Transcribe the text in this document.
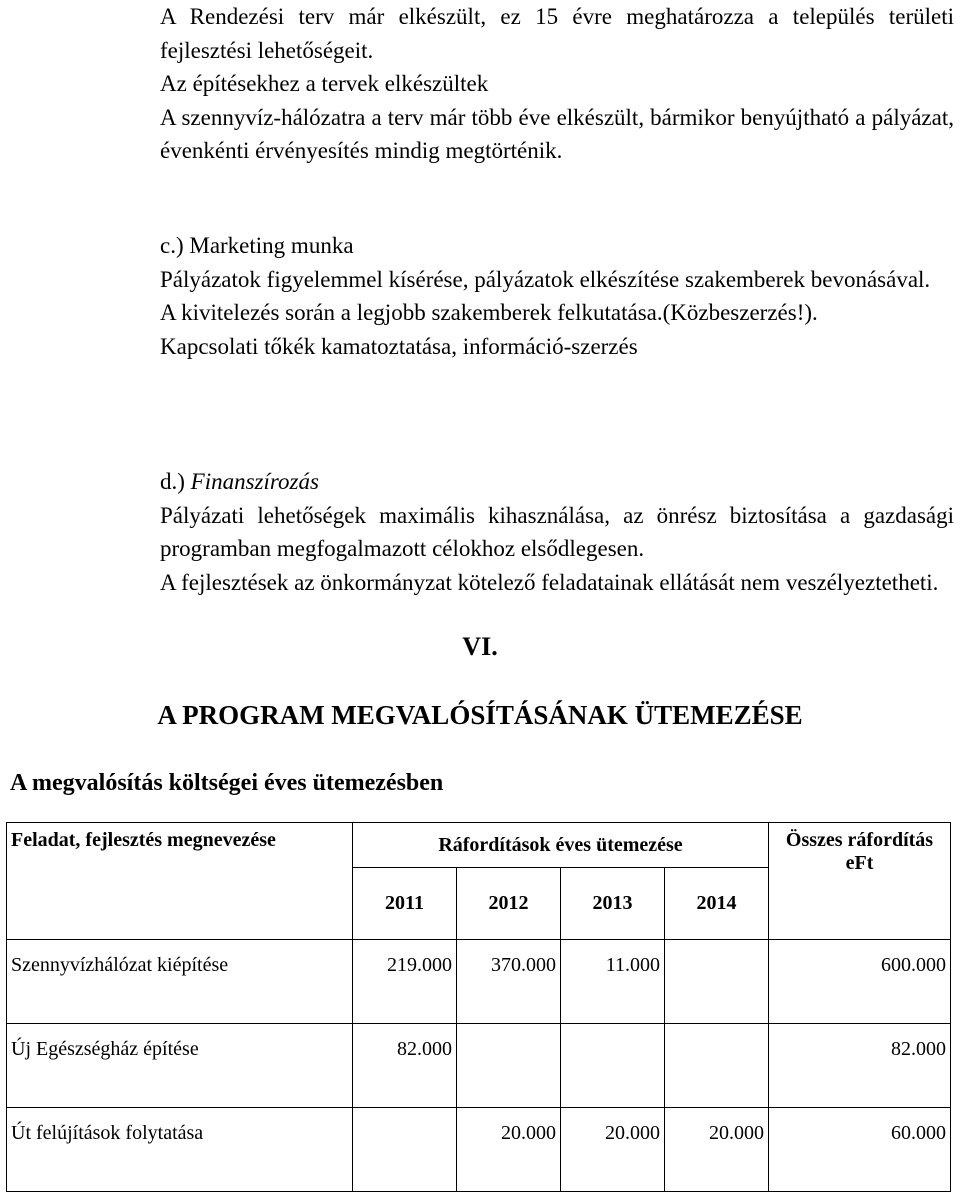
A Rendezési terv már elkészült, ez 15 évre meghatározza a település területi fejlesztési lehetőségeit.

Az építésekhez a tervek elkészültek

A szennyvíz-hálózatra a terv már több éve elkészült, bármikor benyújtható a pályázat, évenkénti érvényesítés mindig megtörténik.

c.) Marketing munka

Pályázatok figyelemmel kísérése, pályázatok elkészítése szakemberek bevonásával.

A kivitelezés során a legjobb szakemberek felkutatása.(Közbeszerzés!).

Kapcsolati tőkék kamatoztatása, információ-szerzés

d.) Finanszírozás

Pályázati lehetőségek maximális kihasználása, az önrész biztosítása a gazdasági programban megfogalmazott célokhoz elsődlegesen.

A fejlesztések az önkormányzat kötelező feladatainak ellátását nem veszélyeztetheti.

VI.
A PROGRAM MEGVALÓSÍTÁSÁNAK ÜTEMEZÉSE
A megvalósítás költségei éves ütemezésben
Feladat, fejlesztés megnevezése	Ráfordítások éves ütemezése				Összes ráfordítás eFt
	2011	2012	2013	2014	
Szennyvízhálózat kiépítése	219.000	370.000	11.000		600.000
Új Egészségház építése	82.000				82.000
Út felújítások folytatása		20.000	20.000	20.000	60.000
